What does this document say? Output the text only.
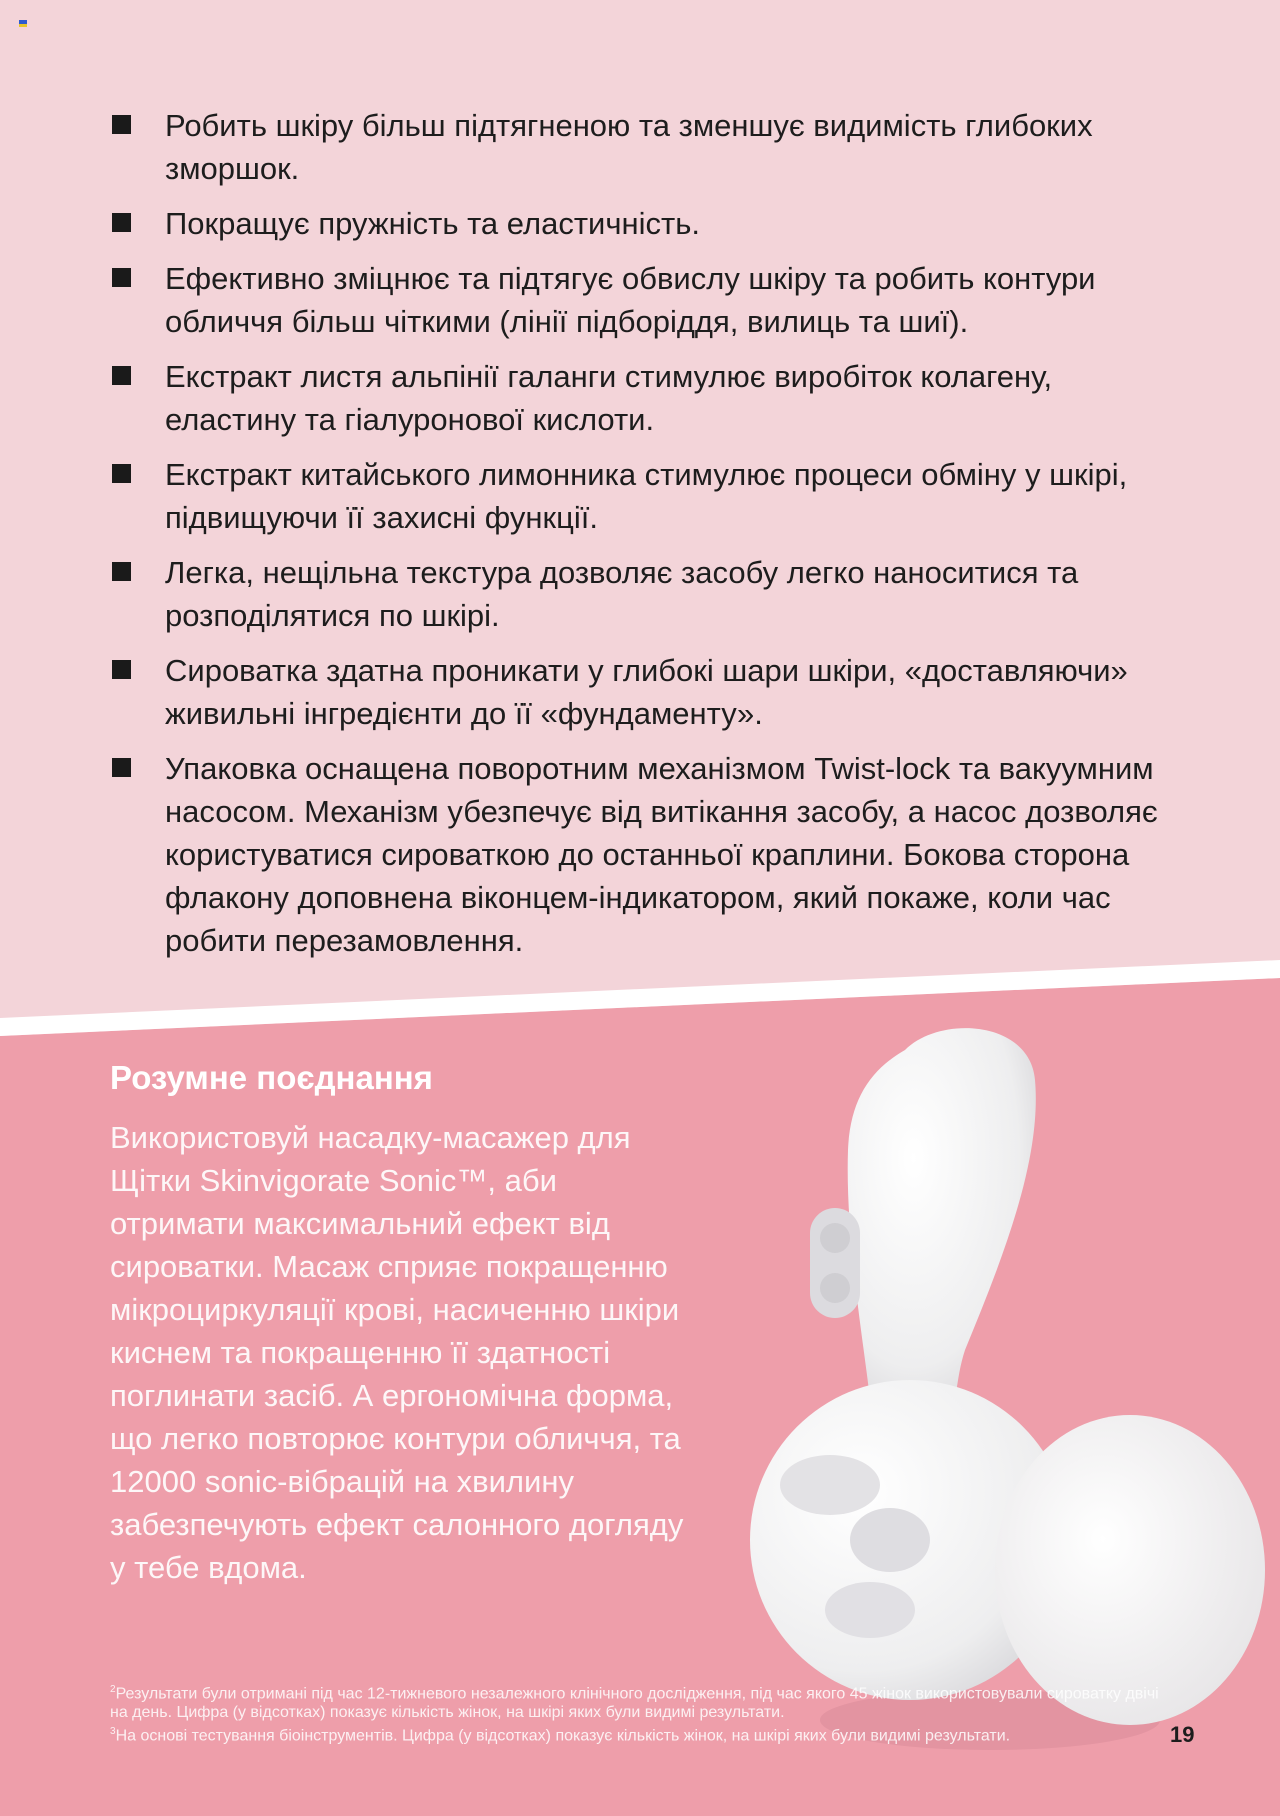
Робить шкіру більш підтягненою та зменшує видимість глибоких зморшок.
Покращує пружність та еластичність.
Ефективно зміцнює та підтягує обвислу шкіру та робить контури обличчя більш чіткими (лінії підборіддя, вилиць та шиї).
Екстракт листя альпінії галанги стимулює виробіток колагену, еластину та гіалуронової кислоти.
Екстракт китайського лимонника стимулює процеси обміну у шкірі, підвищуючи її захисні функції.
Легка, нещільна текстура дозволяє засобу легко наноситися та розподілятися по шкірі.
Сироватка здатна проникати у глибокі шари шкіри, «доставляючи» живильні інгредієнти до її «фундаменту».
Упаковка оснащена поворотним механізмом Twist-lock та вакуумним насосом. Механізм убезпечує від витікання засобу, а насос дозволяє користуватися сироваткою до останньої краплини. Бокова сторона флакону доповнена віконцем-індикатором, який покаже, коли час робити перезамовлення.
Розумне поєднання

Використовуй насадку-масажер для Щітки Skinvigorate Sonic™, аби отримати максимальний ефект від сироватки. Масаж сприяє покращенню мікроциркуляції крові, насиченню шкіри киснем та покращенню її здатності поглинати засіб. А ергономічна форма, що легко повторює контури обличчя, та 12000 sonic-вібрацій на хвилину забезпечують ефект салонного догляду у тебе вдома.

$^2$Результати були отримані під час 12-тижневого незалежного клінічного дослідження, під час якого 45 жінок використовували сироватку двічі на день. Цифра (у відсотках) показує кількість жінок, на шкірі яких були видимі результати.

$^3$На основі тестування біоінструментів. Цифра (у відсотках) показує кількість жінок, на шкірі яких були видимі результати.	19
